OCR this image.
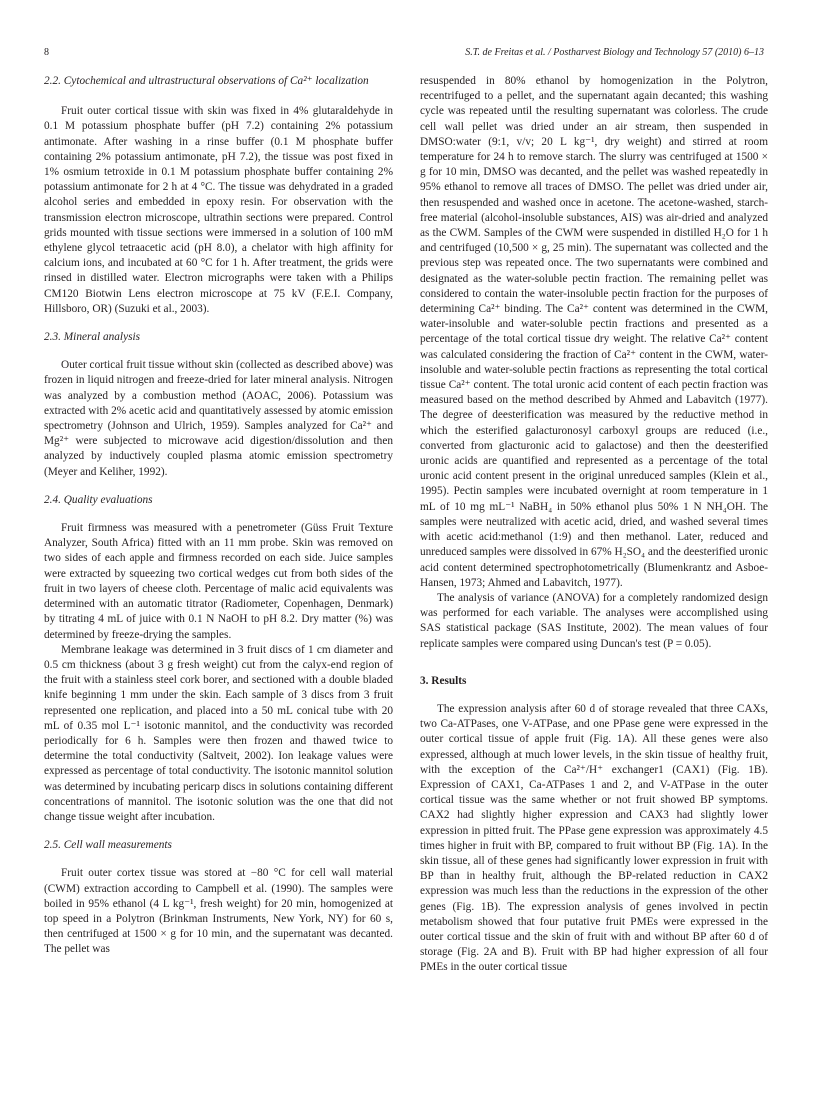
8	S.T. de Freitas et al. / Postharvest Biology and Technology 57 (2010) 6–13

2.2. Cytochemical and ultrastructural observations of Ca²⁺ localization

Fruit outer cortical tissue with skin was fixed in 4% glutaraldehyde in 0.1 M potassium phosphate buffer (pH 7.2) containing 2% potassium antimonate. After washing in a rinse buffer (0.1 M phosphate buffer containing 2% potassium antimonate, pH 7.2), the tissue was post fixed in 1% osmium tetroxide in 0.1 M potassium phosphate buffer containing 2% potassium antimonate for 2 h at 4 °C. The tissue was dehydrated in a graded alcohol series and embedded in epoxy resin. For observation with the transmission electron microscope, ultrathin sections were prepared. Control grids mounted with tissue sections were immersed in a solution of 100 mM ethylene glycol tetraacetic acid (pH 8.0), a chelator with high affinity for calcium ions, and incubated at 60 °C for 1 h. After treatment, the grids were rinsed in distilled water. Electron micrographs were taken with a Philips CM120 Biotwin Lens electron microscope at 75 kV (F.E.I. Company, Hillsboro, OR) (Suzuki et al., 2003).

2.3. Mineral analysis

Outer cortical fruit tissue without skin (collected as described above) was frozen in liquid nitrogen and freeze-dried for later mineral analysis. Nitrogen was analyzed by a combustion method (AOAC, 2006). Potassium was extracted with 2% acetic acid and quantitatively assessed by atomic emission spectrometry (Johnson and Ulrich, 1959). Samples analyzed for Ca²⁺ and Mg²⁺ were subjected to microwave acid digestion/dissolution and then analyzed by inductively coupled plasma atomic emission spectrometry (Meyer and Keliher, 1992).

2.4. Quality evaluations

Fruit firmness was measured with a penetrometer (Güss Fruit Texture Analyzer, South Africa) fitted with an 11 mm probe. Skin was removed on two sides of each apple and firmness recorded on each side. Juice samples were extracted by squeezing two cortical wedges cut from both sides of the fruit in two layers of cheese cloth. Percentage of malic acid equivalents was determined with an automatic titrator (Radiometer, Copenhagen, Denmark) by titrating 4 mL of juice with 0.1 N NaOH to pH 8.2. Dry matter (%) was determined by freeze-drying the samples.

Membrane leakage was determined in 3 fruit discs of 1 cm diameter and 0.5 cm thickness (about 3 g fresh weight) cut from the calyx-end region of the fruit with a stainless steel cork borer, and sectioned with a double bladed knife beginning 1 mm under the skin. Each sample of 3 discs from 3 fruit represented one replication, and placed into a 50 mL conical tube with 20 mL of 0.35 mol L⁻¹ isotonic mannitol, and the conductivity was recorded periodically for 6 h. Samples were then frozen and thawed twice to determine the total conductivity (Saltveit, 2002). Ion leakage values were expressed as percentage of total conductivity. The isotonic mannitol solution was determined by incubating pericarp discs in solutions containing different concentrations of mannitol. The isotonic solution was the one that did not change tissue weight after incubation.

2.5. Cell wall measurements

Fruit outer cortex tissue was stored at −80 °C for cell wall material (CWM) extraction according to Campbell et al. (1990). The samples were boiled in 95% ethanol (4 L kg⁻¹, fresh weight) for 20 min, homogenized at top speed in a Polytron (Brinkman Instruments, New York, NY) for 60 s, then centrifuged at 1500 × g for 10 min, and the supernatant was decanted. The pellet was

resuspended in 80% ethanol by homogenization in the Polytron, recentrifuged to a pellet, and the supernatant again decanted; this washing cycle was repeated until the resulting supernatant was colorless. The crude cell wall pellet was dried under an air stream, then suspended in DMSO:water (9:1, v/v; 20 L kg⁻¹, dry weight) and stirred at room temperature for 24 h to remove starch. The slurry was centrifuged at 1500 × g for 10 min, DMSO was decanted, and the pellet was washed repeatedly in 95% ethanol to remove all traces of DMSO. The pellet was dried under air, then resuspended and washed once in acetone. The acetone-washed, starch-free material (alcohol-insoluble substances, AIS) was air-dried and analyzed as the CWM. Samples of the CWM were suspended in distilled H₂O for 1 h and centrifuged (10,500 × g, 25 min). The supernatant was collected and the previous step was repeated once. The two supernatants were combined and designated as the water-soluble pectin fraction. The remaining pellet was considered to contain the water-insoluble pectin fraction for the purposes of determining Ca²⁺ binding. The Ca²⁺ content was determined in the CWM, water-insoluble and water-soluble pectin fractions and presented as a percentage of the total cortical tissue dry weight. The relative Ca²⁺ content was calculated considering the fraction of Ca²⁺ content in the CWM, water-insoluble and water-soluble pectin fractions as representing the total cortical tissue Ca²⁺ content. The total uronic acid content of each pectin fraction was measured based on the method described by Ahmed and Labavitch (1977). The degree of deesterification was measured by the reductive method in which the esterified galacturonosyl carboxyl groups are reduced (i.e., converted from glacturonic acid to galactose) and then the deesterified uronic acids are quantified and represented as a percentage of the total uronic acid content present in the original unreduced samples (Klein et al., 1995). Pectin samples were incubated overnight at room temperature in 1 mL of 10 mg mL⁻¹ NaBH₄ in 50% ethanol plus 50% 1 N NH₄OH. The samples were neutralized with acetic acid, dried, and washed several times with acetic acid:methanol (1:9) and then methanol. Later, reduced and unreduced samples were dissolved in 67% H₂SO₄ and the deesterified uronic acid content determined spectrophotometrically (Blumenkrantz and Asboe-Hansen, 1973; Ahmed and Labavitch, 1977).

The analysis of variance (ANOVA) for a completely randomized design was performed for each variable. The analyses were accomplished using SAS statistical package (SAS Institute, 2002). The mean values of four replicate samples were compared using Duncan's test (P = 0.05).

3. Results

The expression analysis after 60 d of storage revealed that three CAXs, two Ca-ATPases, one V-ATPase, and one PPase gene were expressed in the outer cortical tissue of apple fruit (Fig. 1A). All these genes were also expressed, although at much lower levels, in the skin tissue of healthy fruit, with the exception of the Ca²⁺/H⁺ exchanger1 (CAX1) (Fig. 1B). Expression of CAX1, Ca-ATPases 1 and 2, and V-ATPase in the outer cortical tissue was the same whether or not fruit showed BP symptoms. CAX2 had slightly higher expression and CAX3 had slightly lower expression in pitted fruit. The PPase gene expression was approximately 4.5 times higher in fruit with BP, compared to fruit without BP (Fig. 1A). In the skin tissue, all of these genes had significantly lower expression in fruit with BP than in healthy fruit, although the BP-related reduction in CAX2 expression was much less than the reductions in the expression of the other genes (Fig. 1B). The expression analysis of genes involved in pectin metabolism showed that four putative fruit PMEs were expressed in the outer cortical tissue and the skin of fruit with and without BP after 60 d of storage (Fig. 2A and B). Fruit with BP had higher expression of all four PMEs in the outer cortical tissue
